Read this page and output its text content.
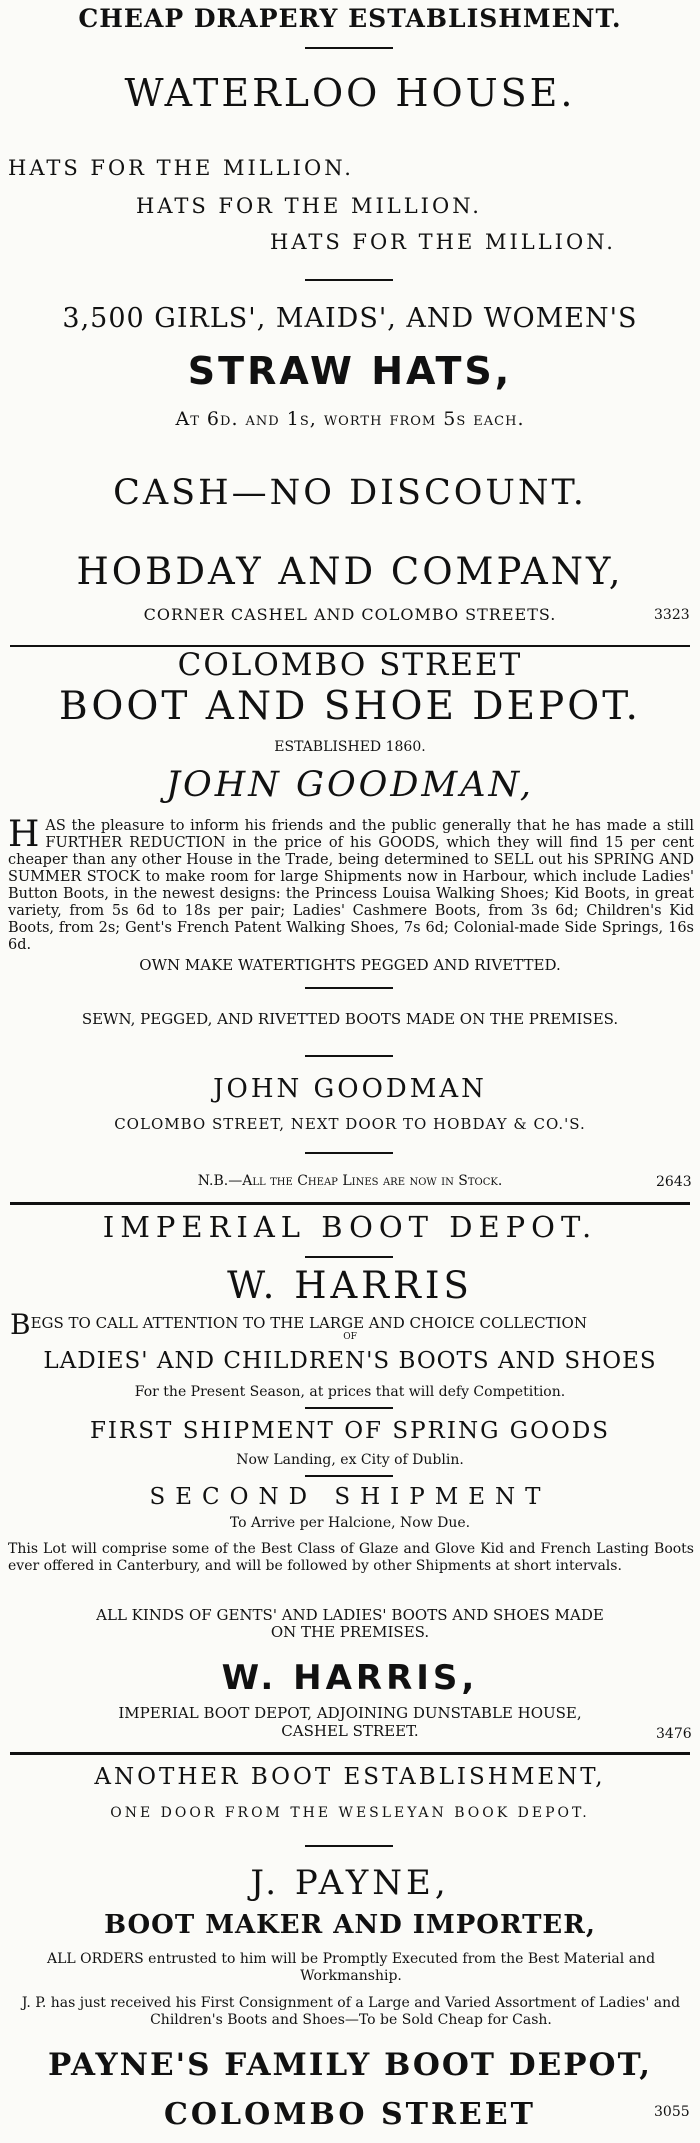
CHEAP DRAPERY ESTABLISHMENT.
WATERLOO HOUSE.
HATS FOR THE MILLION.
HATS FOR THE MILLION.
HATS FOR THE MILLION.
3,500 GIRLS', MAIDS', AND WOMEN'S
STRAW HATS,
At 6d. and 1s, worth from 5s each.
CASH—NO DISCOUNT.
HOBDAY AND COMPANY,
CORNER CASHEL AND COLOMBO STREETS.	3323
COLOMBO STREET
BOOT AND SHOE DEPOT.
ESTABLISHED 1860.
JOHN GOODMAN,
HAS the pleasure to inform his friends and the public generally that he has made a still FURTHER REDUCTION in the price of his GOODS, which they will find 15 per cent cheaper than any other House in the Trade, being determined to SELL out his SPRING AND SUMMER STOCK to make room for large Shipments now in Harbour, which include Ladies' Button Boots, in the newest designs: the Princess Louisa Walking Shoes; Kid Boots, in great variety, from 5s 6d to 18s per pair; Ladies' Cashmere Boots, from 3s 6d; Children's Kid Boots, from 2s; Gent's French Patent Walking Shoes, 7s 6d; Colonial-made Side Springs, 16s 6d.
OWN MAKE WATERTIGHTS PEGGED AND RIVETTED.
SEWN, PEGGED, AND RIVETTED BOOTS MADE ON THE PREMISES.
JOHN GOODMAN
COLOMBO STREET, NEXT DOOR TO HOBDAY & CO.'S.
N.B.—All the Cheap Lines are now in Stock.	2643
IMPERIAL BOOT DEPOT.
W. HARRIS
BEGS TO CALL ATTENTION TO THE LARGE AND CHOICE COLLECTION
OF
LADIES' AND CHILDREN'S BOOTS AND SHOES
For the Present Season, at prices that will defy Competition.
FIRST SHIPMENT OF SPRING GOODS
Now Landing, ex City of Dublin.
SECOND SHIPMENT
To Arrive per Halcione, Now Due.
This Lot will comprise some of the Best Class of Glaze and Glove Kid and French Lasting Boots ever offered in Canterbury, and will be followed by other Shipments at short intervals.
ALL KINDS OF GENTS' AND LADIES' BOOTS AND SHOES MADE
ON THE PREMISES.
W. HARRIS,
IMPERIAL BOOT DEPOT, ADJOINING DUNSTABLE HOUSE,
CASHEL STREET.	3476
ANOTHER BOOT ESTABLISHMENT,
ONE DOOR FROM THE WESLEYAN BOOK DEPOT.
J. PAYNE,
BOOT MAKER AND IMPORTER,
ALL ORDERS entrusted to him will be Promptly Executed from the Best Material and Workmanship.
J. P. has just received his First Consignment of a Large and Varied Assortment of Ladies' and Children's Boots and Shoes—To be Sold Cheap for Cash.
PAYNE'S FAMILY BOOT DEPOT,
COLOMBO STREET	3055
